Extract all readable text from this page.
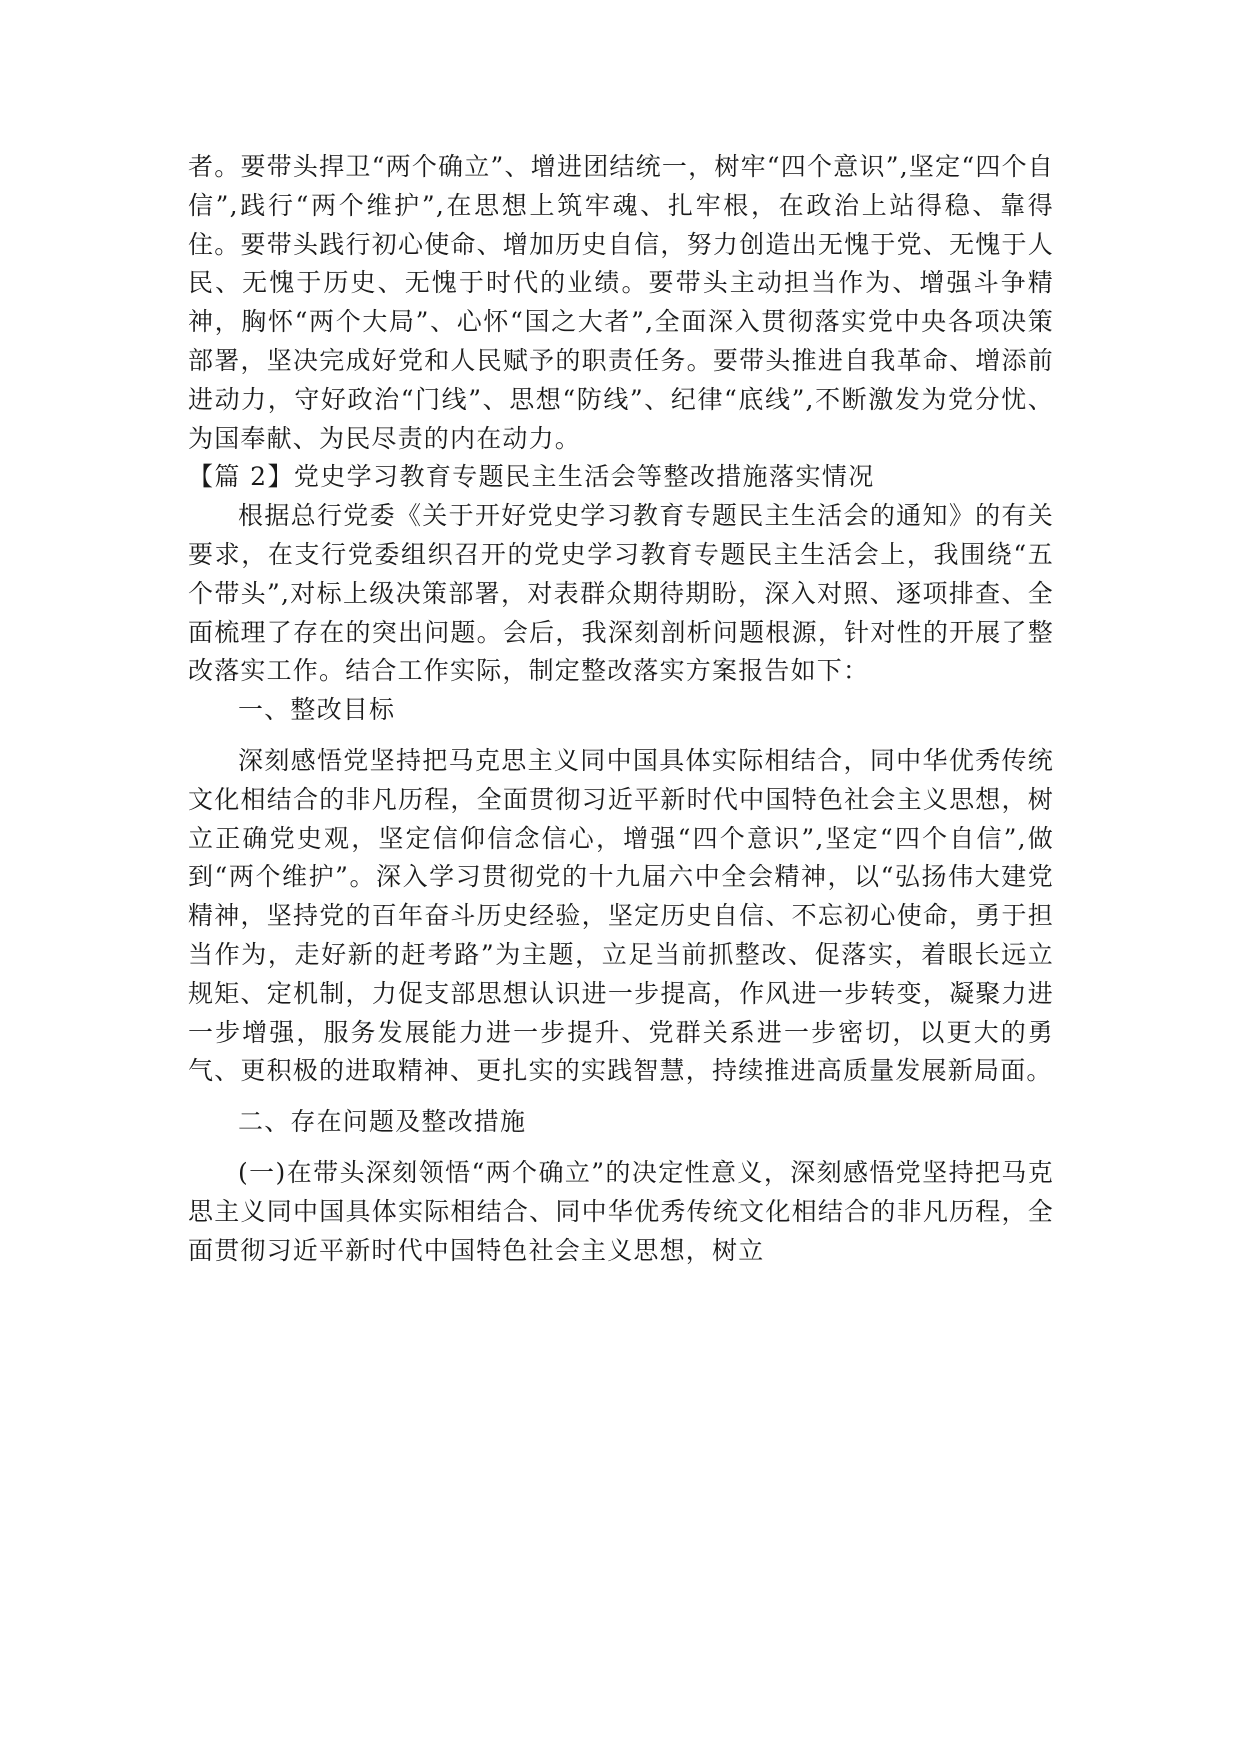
者。要带头捍卫“两个确立”、增进团结统一，树牢“四个意识”,坚定“四个自信”,践行“两个维护”,在思想上筑牢魂、扎牢根，在政治上站得稳、靠得住。要带头践行初心使命、增加历史自信，努力创造出无愧于党、无愧于人民、无愧于历史、无愧于时代的业绩。要带头主动担当作为、增强斗争精神，胸怀“两个大局”、心怀“国之大者”,全面深入贯彻落实党中央各项决策部署，坚决完成好党和人民赋予的职责任务。要带头推进自我革命、增添前进动力，守好政治“门线”、思想“防线”、纪律“底线”,不断激发为党分忧、为国奉献、为民尽责的内在动力。

【篇 2】党史学习教育专题民主生活会等整改措施落实情况

根据总行党委《关于开好党史学习教育专题民主生活会的通知》的有关要求，在支行党委组织召开的党史学习教育专题民主生活会上，我围绕“五个带头”,对标上级决策部署，对表群众期待期盼，深入对照、逐项排查、全面梳理了存在的突出问题。会后，我深刻剖析问题根源，针对性的开展了整改落实工作。结合工作实际，制定整改落实方案报告如下：

一、整改目标

深刻感悟党坚持把马克思主义同中国具体实际相结合，同中华优秀传统文化相结合的非凡历程，全面贯彻习近平新时代中国特色社会主义思想，树立正确党史观，坚定信仰信念信心，增强“四个意识”,坚定“四个自信”,做到“两个维护”。深入学习贯彻党的十九届六中全会精神，以“弘扬伟大建党精神，坚持党的百年奋斗历史经验，坚定历史自信、不忘初心使命，勇于担当作为，走好新的赶考路”为主题，立足当前抓整改、促落实，着眼长远立规矩、定机制，力促支部思想认识进一步提高，作风进一步转变，凝聚力进一步增强，服务发展能力进一步提升、党群关系进一步密切，以更大的勇气、更积极的进取精神、更扎实的实践智慧，持续推进高质量发展新局面。

二、存在问题及整改措施

(一)在带头深刻领悟“两个确立”的决定性意义，深刻感悟党坚持把马克思主义同中国具体实际相结合、同中华优秀传统文化相结合的非凡历程，全面贯彻习近平新时代中国特色社会主义思想，树立
